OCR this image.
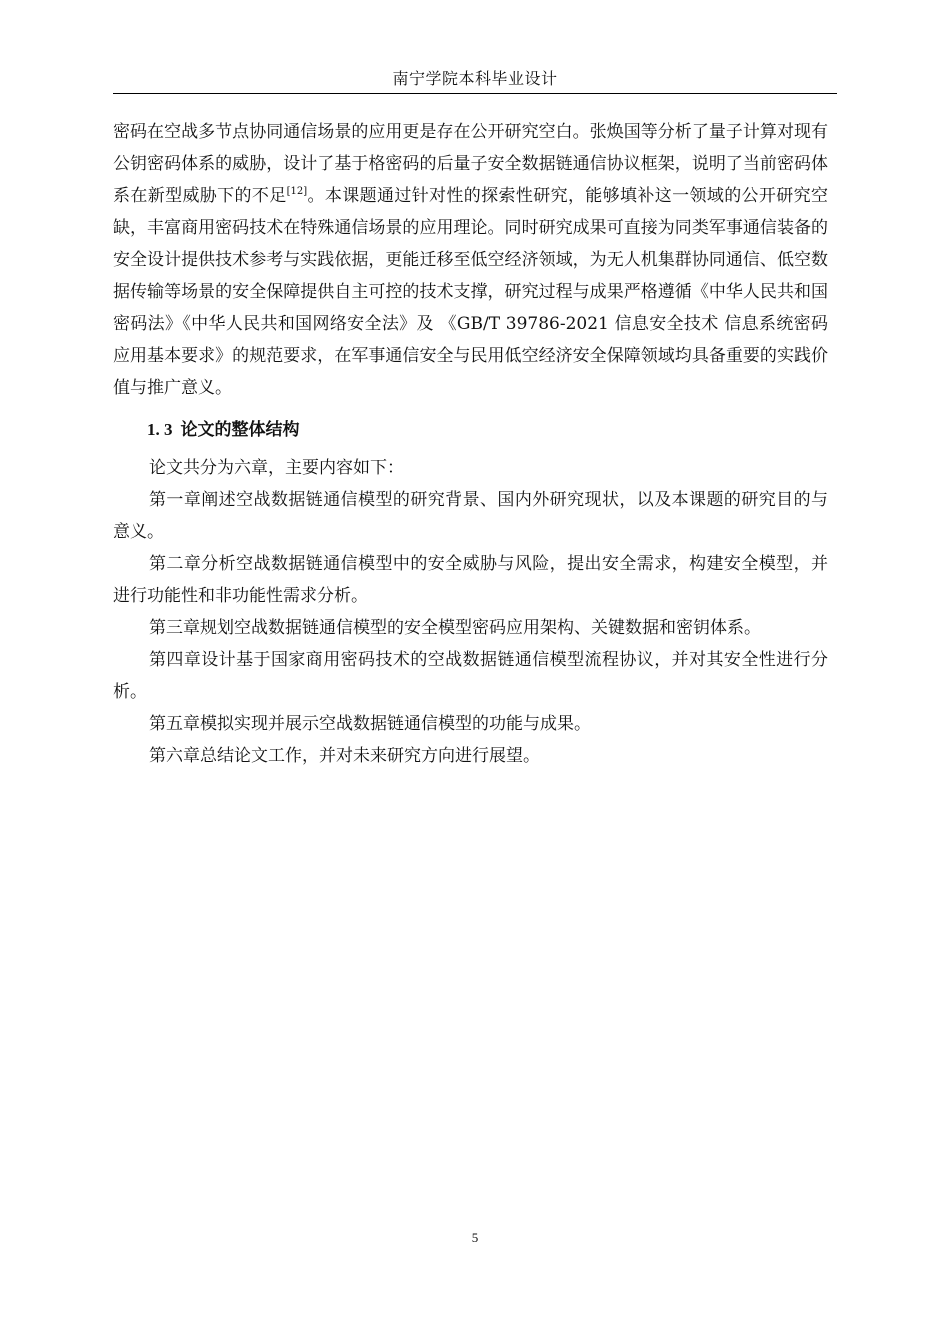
南宁学院本科毕业设计

密码在空战多节点协同通信场景的应用更是存在公开研究空白。张焕国等分析了量子计算对现有公钥密码体系的威胁，设计了基于格密码的后量子安全数据链通信协议框架，说明了当前密码体系在新型威胁下的不足[12]。本课题通过针对性的探索性研究，能够填补这一领域的公开研究空缺，丰富商用密码技术在特殊通信场景的应用理论。同时研究成果可直接为同类军事通信装备的安全设计提供技术参考与实践依据，更能迁移至低空经济领域，为无人机集群协同通信、低空数据传输等场景的安全保障提供自主可控的技术支撑，研究过程与成果严格遵循《中华人民共和国密码法》《中华人民共和国网络安全法》及 《GB/T 39786-2021 信息安全技术 信息系统密码应用基本要求》的规范要求，在军事通信安全与民用低空经济安全保障领域均具备重要的实践价值与推广意义。

1. 3 论文的整体结构

论文共分为六章，主要内容如下：

第一章阐述空战数据链通信模型的研究背景、国内外研究现状，以及本课题的研究目的与意义。

第二章分析空战数据链通信模型中的安全威胁与风险，提出安全需求，构建安全模型，并进行功能性和非功能性需求分析。

第三章规划空战数据链通信模型的安全模型密码应用架构、关键数据和密钥体系。

第四章设计基于国家商用密码技术的空战数据链通信模型流程协议，并对其安全性进行分析。

第五章模拟实现并展示空战数据链通信模型的功能与成果。

第六章总结论文工作，并对未来研究方向进行展望。

5
